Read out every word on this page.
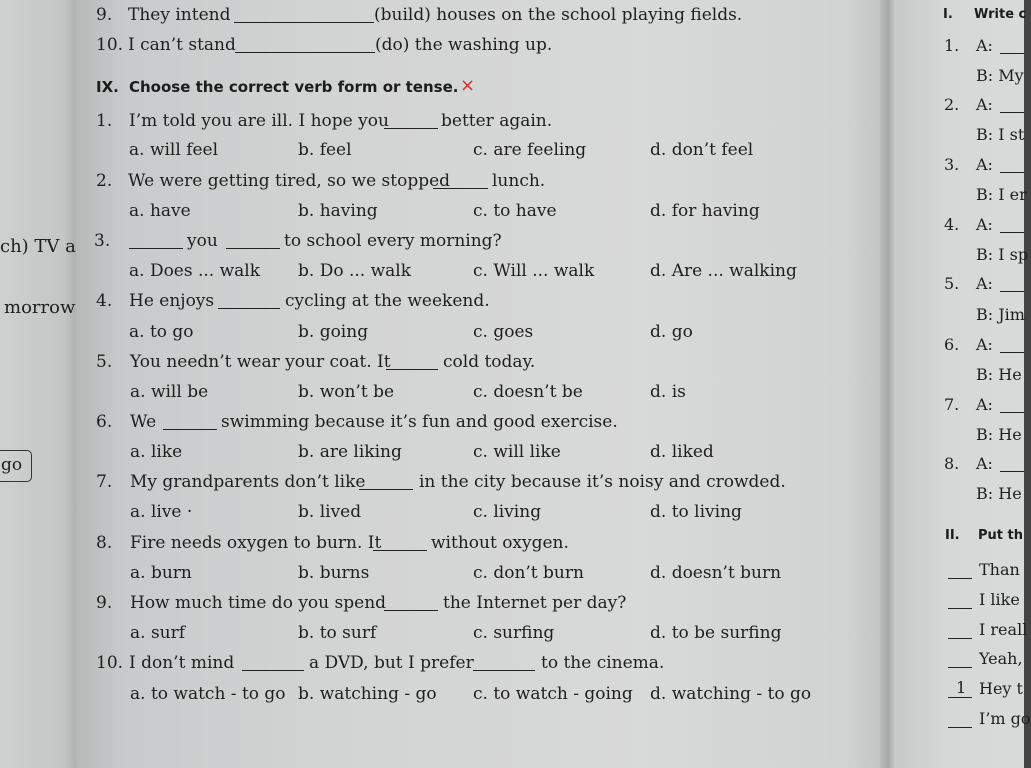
ch) TV a
morrow
go
9. They intend	(build) houses on the school playing fields.
10. I can’t stand	(do) the washing up.
IX. Choose the correct verb form or tense. ×
1. I’m told you are ill. I hope you	better again.
a. will feel	b. feel	c. are feeling	d. don’t feel
2. We were getting tired, so we stopped lunch.
a. have	b. having	c. to have	d. for having
3.	you	to school every morning?
a. Does ... walk b. Do ... walk	c. Will ... walk	d. Are ... walking
4. He enjoys	cycling at the weekend.
a. to go	b. going	c. goes	d. go
5. You needn’t wear your coat. It	cold today.
a. will be	b. won’t be	c. doesn’t be	d. is
6. We	swimming because it’s fun and good exercise.
a. like	b. are liking	c. will like	d. liked
7. My grandparents don’t like	in the city because it’s noisy and crowded.
a. live ·	b. lived	c. living	d. to living
8. Fire needs oxygen to burn. It	without oxygen.
a. burn	b. burns	c. don’t burn	d. doesn’t burn
9. How much time do you spend	the Internet per day?
a. surf	b. to surf	c. surfing	d. to be surfing
10. I don’t mind	a DVD, but I prefer	to the cinema.
a. to watch - to go b. watching - go c. to watch - going d. watching - to go
I. Write c
1. A:
B: My
2. A:
B: I st
3. A:
B: I er
4. A:
B: I sp
5. A:
B: Jim
6. A:
B: He
7. A:
B: He
8. A:
B: He
II. Put th
Than
I like
I reall
Yeah,
1 Hey t
I’m go
